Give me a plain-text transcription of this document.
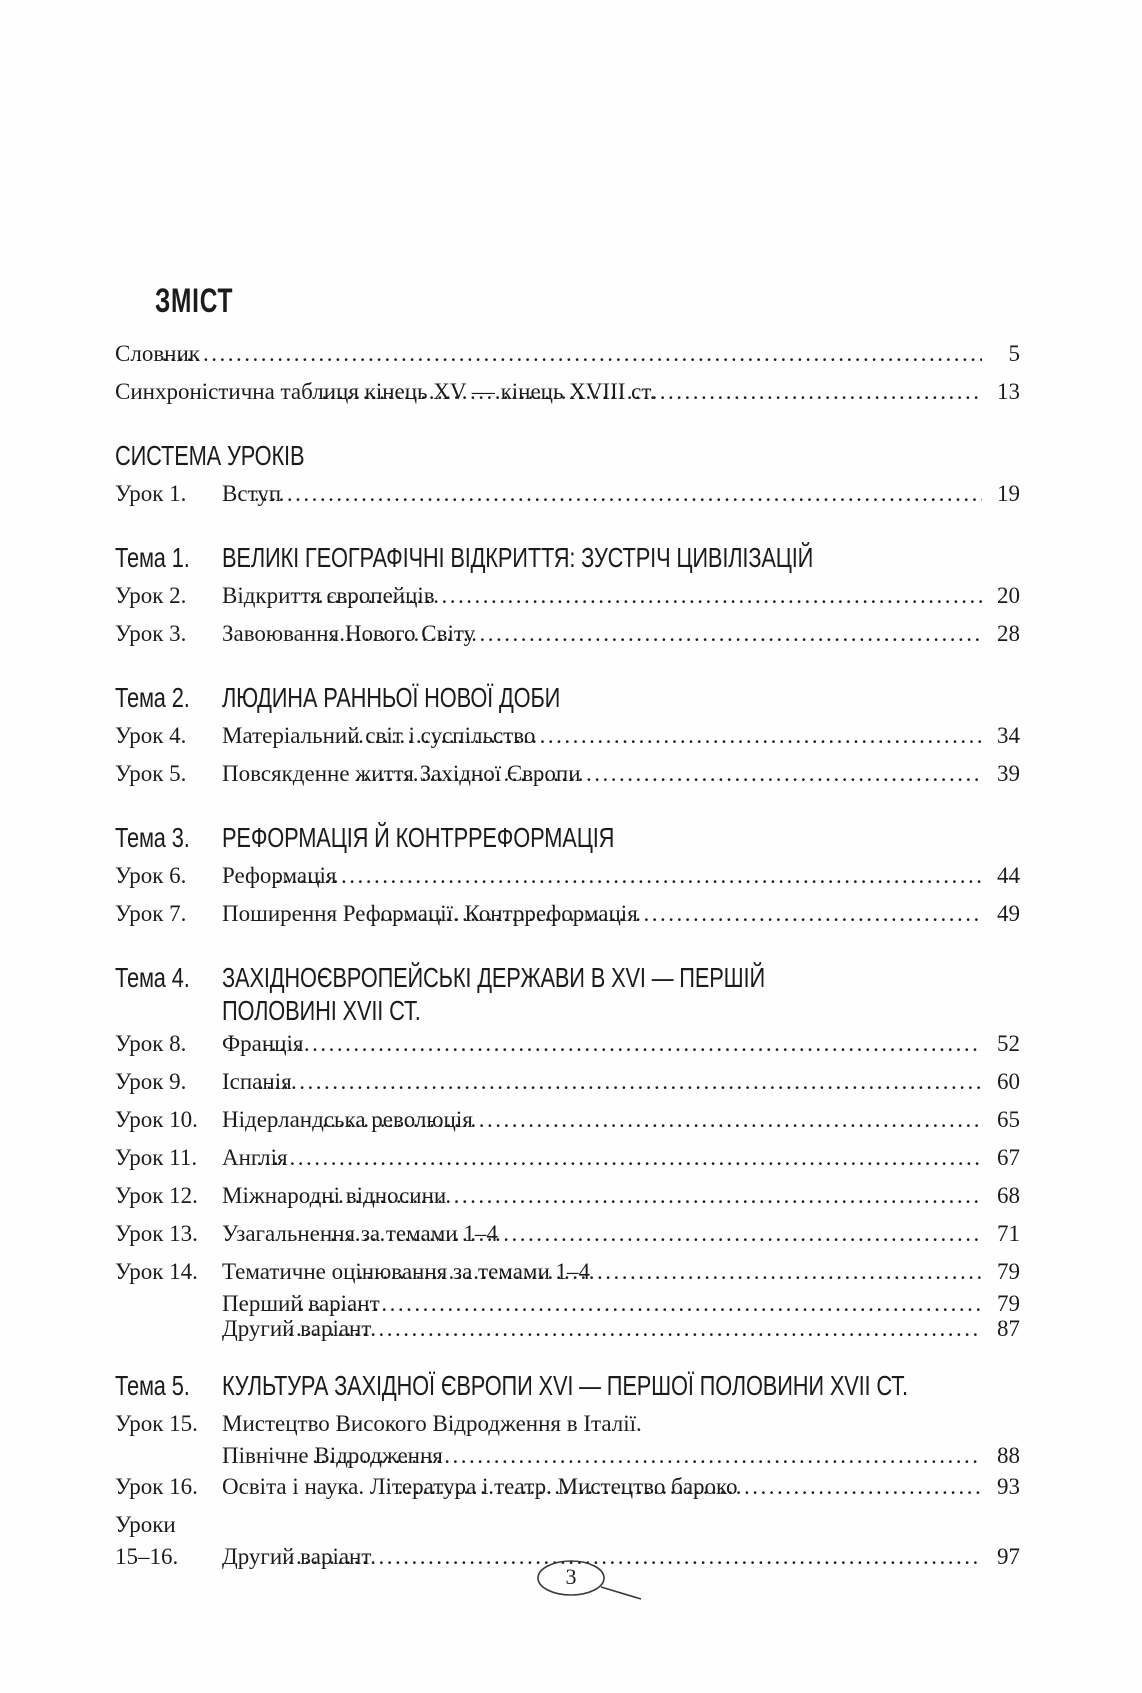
ЗМІСТ
Словник .....	5
Синхроністична таблиця кінець XV — кінець XVIII ст. .....	13
СИСТЕМА УРОКІВ
Урок 1.	Вступ .....	19
Тема 1.	ВЕЛИКІ ГЕОГРАФІЧНІ ВІДКРИТТЯ: ЗУСТРІЧ ЦИВІЛІЗАЦІЙ
Урок 2.	Відкриття європейців .....	20
Урок 3.	Завоювання Нового Світу .....	28
Тема 2.	ЛЮДИНА РАННЬОЇ НОВОЇ ДОБИ
Урок 4.	Матеріальний світ і суспільство .....	34
Урок 5.	Повсякденне життя Західної Європи .....	39
Тема 3.	РЕФОРМАЦІЯ Й КОНТРРЕФОРМАЦІЯ
Урок 6.	Реформація .....	44
Урок 7.	Поширення Реформації. Контрреформація .....	49
Тема 4.	ЗАХІДНОЄВРОПЕЙСЬКІ ДЕРЖАВИ В XVI — ПЕРШІЙ
ПОЛОВИНІ XVII СТ.
Урок 8.	Франція .....	52
Урок 9.	Іспанія .....	60
Урок 10.	Нідерландська революція .....	65
Урок 11.	Англія .....	67
Урок 12.	Міжнародні відносини .....	68
Урок 13.	Узагальнення за темами 1–4 .....	71
Урок 14.	Тематичне оцінювання за темами 1–4 .....	79
Перший варіант .....	79
Другий варіант .....	87
Тема 5.	КУЛЬТУРА ЗАХІДНОЇ ЄВРОПИ XVI — ПЕРШОЇ ПОЛОВИНИ XVII СТ.
Урок 15.	Мистецтво Високого Відродження в Італії.
Північне Відродження .....	88
Урок 16.	Освіта і наука. Література і театр. Мистецтво бароко .....	93
Уроки
15–16.	Другий варіант .....	97
3
